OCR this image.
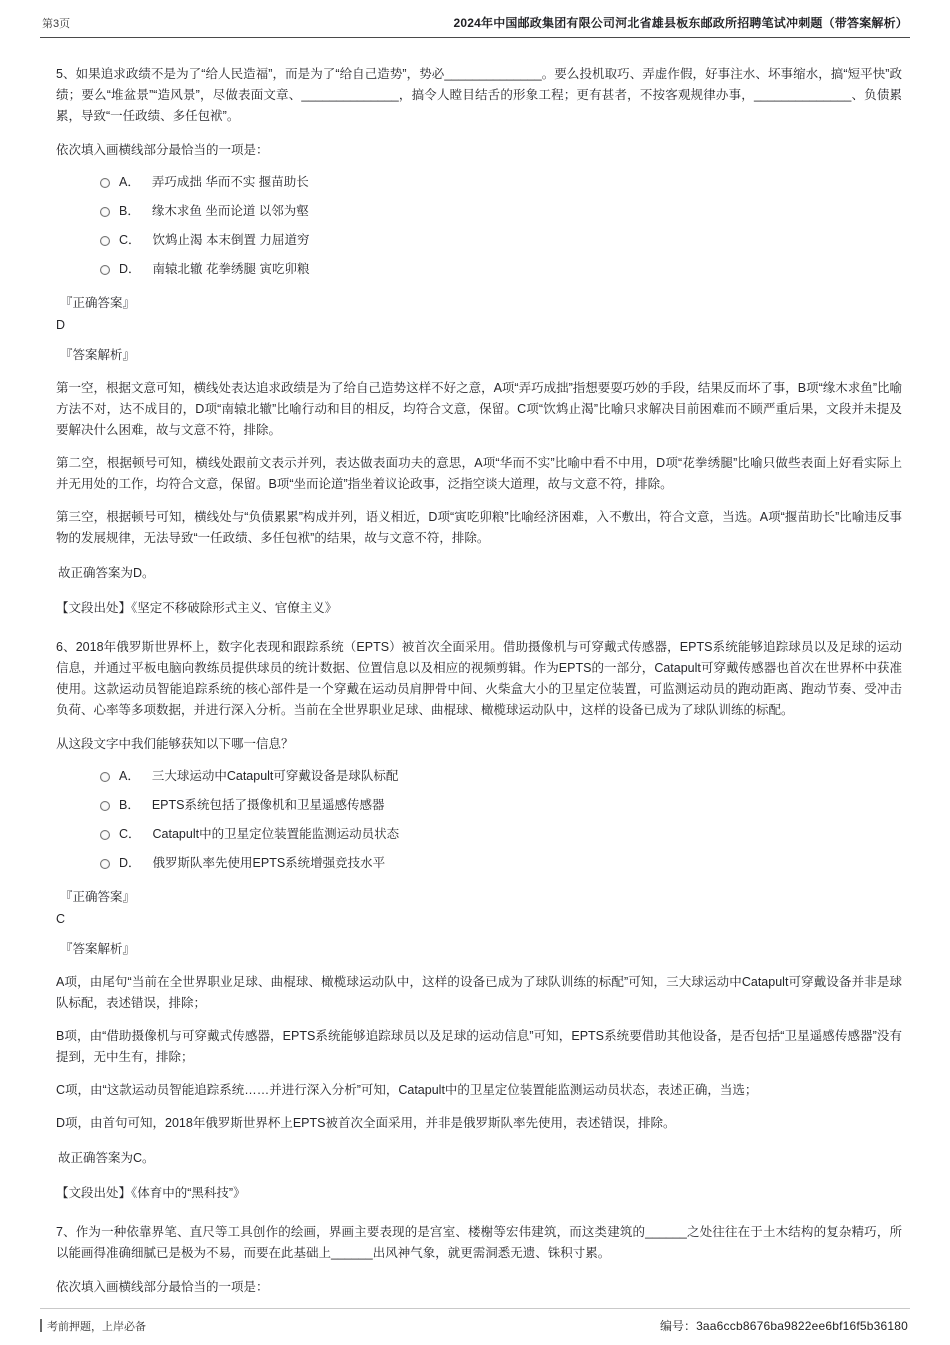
第3页	2024年中国邮政集团有限公司河北省雄县板东邮政所招聘笔试冲刺题（带答案解析）

5、如果追求政绩不是为了“给人民造福”，而是为了“给自己造势”，势必______________。要么投机取巧、弄虚作假，好事注水、坏事缩水，搞“短平快”政绩；要么“堆盆景”“造风景”，尽做表面文章、______________，搞令人瞠目结舌的形象工程；更有甚者，不按客观规律办事，______________、负债累累，导致“一任政绩、多任包袱”。

依次填入画横线部分最恰当的一项是：

A． 弄巧成拙 华而不实 揠苗助长
B． 缘木求鱼 坐而论道 以邻为壑
C． 饮鸩止渴 本末倒置 力屈道穷
D． 南辕北辙 花拳绣腿 寅吃卯粮

『正确答案』

D

『答案解析』

第一空，根据文意可知，横线处表达追求政绩是为了给自己造势这样不好之意，A项“弄巧成拙”指想要耍巧妙的手段，结果反而坏了事，B项“缘木求鱼”比喻方法不对，达不成目的，D项“南辕北辙”比喻行动和目的相反，均符合文意，保留。C项“饮鸩止渴”比喻只求解决目前困难而不顾严重后果，文段并未提及要解决什么困难，故与文意不符，排除。

第二空，根据顿号可知，横线处跟前文表示并列，表达做表面功夫的意思，A项“华而不实”比喻中看不中用，D项“花拳绣腿”比喻只做些表面上好看实际上并无用处的工作，均符合文意，保留。B项“坐而论道”指坐着议论政事，泛指空谈大道理，故与文意不符，排除。

第三空，根据顿号可知，横线处与“负债累累”构成并列，语义相近，D项“寅吃卯粮”比喻经济困难，入不敷出，符合文意，当选。A项“揠苗助长”比喻违反事物的发展规律，无法导致“一任政绩、多任包袱”的结果，故与文意不符，排除。

故正确答案为D。

【文段出处】《坚定不移破除形式主义、官僚主义》

6、2018年俄罗斯世界杯上，数字化表现和跟踪系统（EPTS）被首次全面采用。借助摄像机与可穿戴式传感器，EPTS系统能够追踪球员以及足球的运动信息，并通过平板电脑向教练员提供球员的统计数据、位置信息以及相应的视频剪辑。作为EPTS的一部分，Catapult可穿戴传感器也首次在世界杯中获准使用。这款运动员智能追踪系统的核心部件是一个穿戴在运动员肩胛骨中间、火柴盒大小的卫星定位装置，可监测运动员的跑动距离、跑动节奏、受冲击负荷、心率等多项数据，并进行深入分析。当前在全世界职业足球、曲棍球、橄榄球运动队中，这样的设备已成为了球队训练的标配。

从这段文字中我们能够获知以下哪一信息？

A． 三大球运动中Catapult可穿戴设备是球队标配
B． EPTS系统包括了摄像机和卫星遥感传感器
C． Catapult中的卫星定位装置能监测运动员状态
D． 俄罗斯队率先使用EPTS系统增强竞技水平

『正确答案』

C

『答案解析』

A项，由尾句“当前在全世界职业足球、曲棍球、橄榄球运动队中，这样的设备已成为了球队训练的标配”可知，三大球运动中Catapult可穿戴设备并非是球队标配，表述错误，排除；

B项，由“借助摄像机与可穿戴式传感器，EPTS系统能够追踪球员以及足球的运动信息”可知，EPTS系统要借助其他设备，是否包括“卫星遥感传感器”没有提到，无中生有，排除；

C项，由“这款运动员智能追踪系统……并进行深入分析”可知，Catapult中的卫星定位装置能监测运动员状态，表述正确，当选；

D项，由首句可知，2018年俄罗斯世界杯上EPTS被首次全面采用，并非是俄罗斯队率先使用，表述错误，排除。

故正确答案为C。

【文段出处】《体育中的“黑科技”》

7、作为一种依靠界笔、直尺等工具创作的绘画，界画主要表现的是宫室、楼榭等宏伟建筑，而这类建筑的______之处往往在于土木结构的复杂精巧，所以能画得准确细腻已是极为不易，而要在此基础上______出风神气象，就更需洞悉无遗、铢积寸累。

依次填入画横线部分最恰当的一项是：

考前押题，上岸必备	编号：3aa6ccb8676ba9822ee6bf16f5b36180
